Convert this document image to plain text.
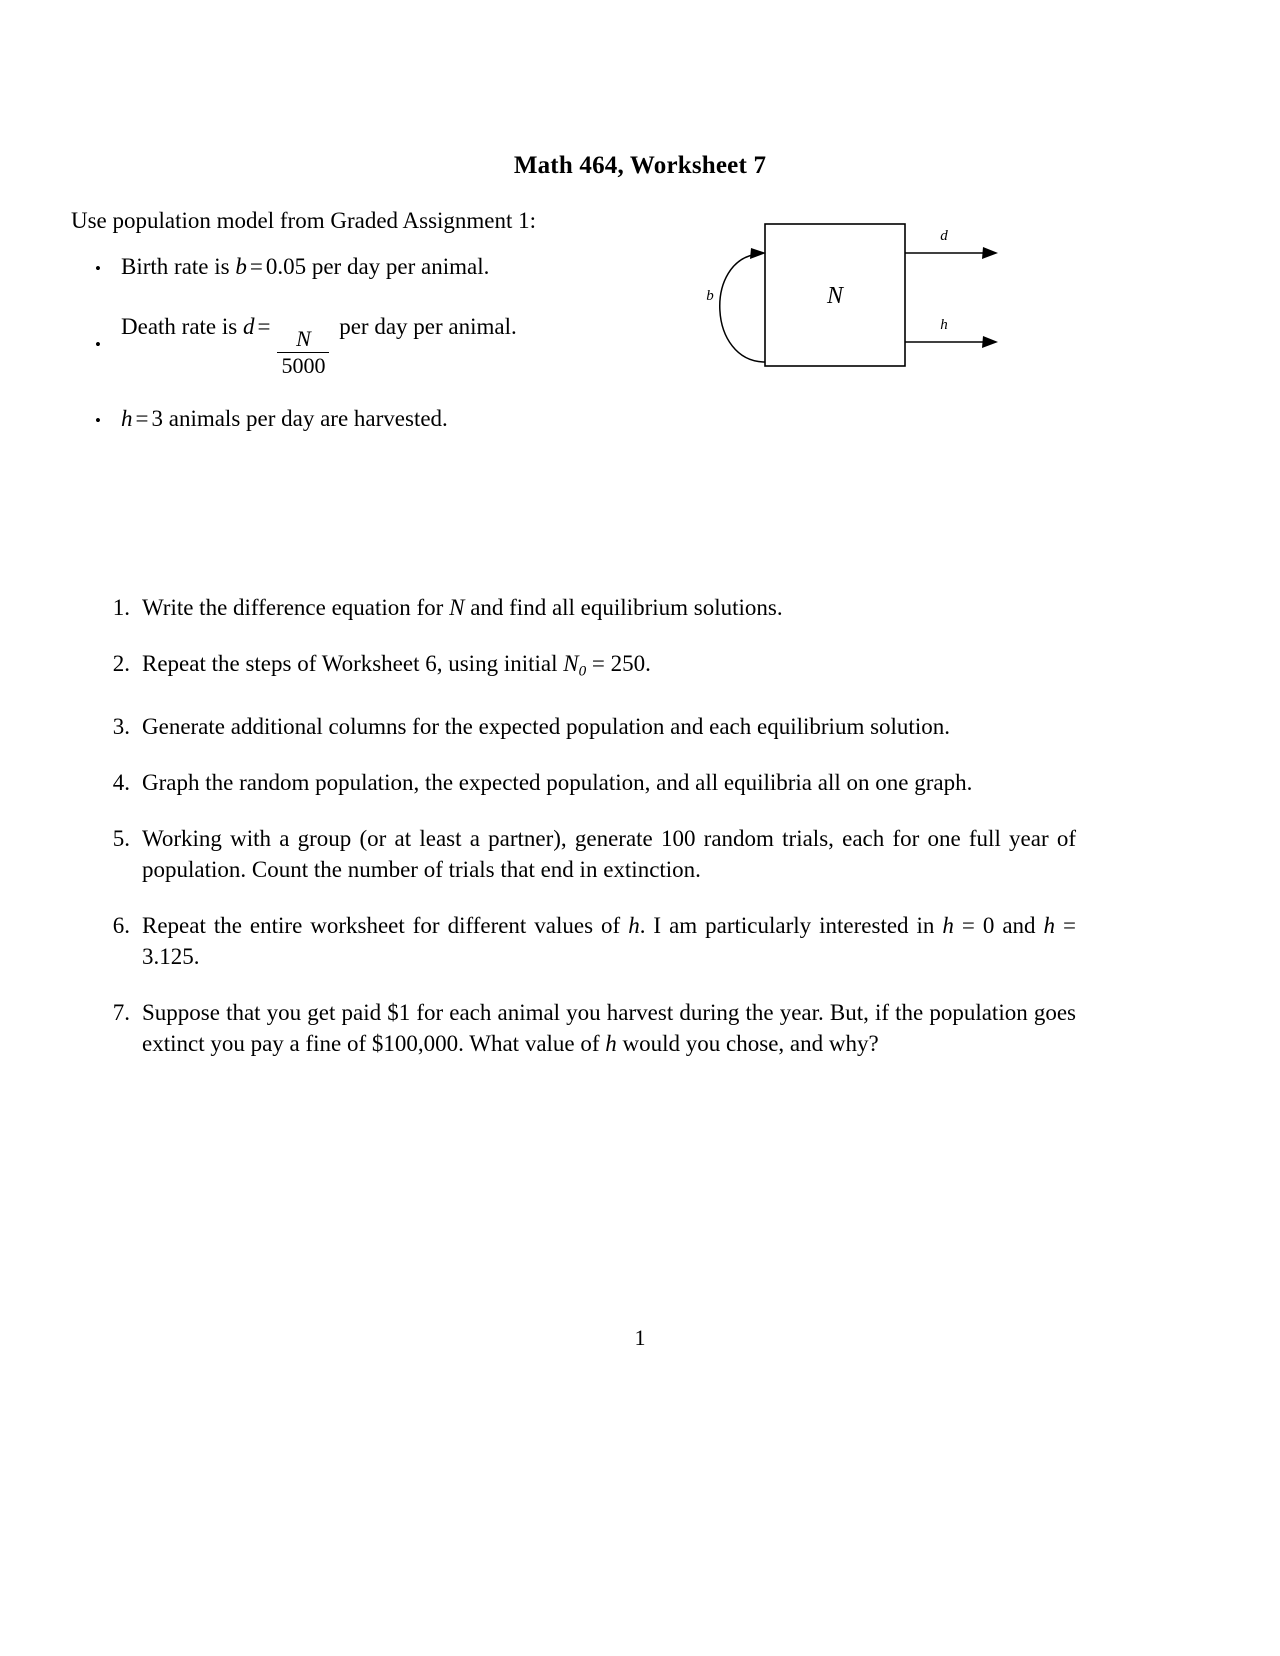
Math 464, Worksheet 7
Use population model from Graded Assignment 1:
• Birth rate is b = 0.05 per day per animal.
•
Death rate is d =
$\frac{N}{5000}$
per day per animal.
• h = 3 animals per day are harvested.
N
b
d
h
1. Write the difference equation for N and find all equilibrium solutions.
2. Repeat the steps of Worksheet 6, using initial $N_0 = 250$.
3. Generate additional columns for the expected population and each equilibrium solution.
4. Graph the random population, the expected population, and all equilibria all on one graph.
5. Working with a group (or at least a partner), generate 100 random trials, each for one full year of population. Count the number of trials that end in extinction.
6. Repeat the entire worksheet for different values of h. I am particularly interested in h = 0 and h = 3.125.
7. Suppose that you get paid $1 for each animal you harvest during the year. But, if the population goes extinct you pay a fine of $100,000. What value of h would you chose, and why?
1
